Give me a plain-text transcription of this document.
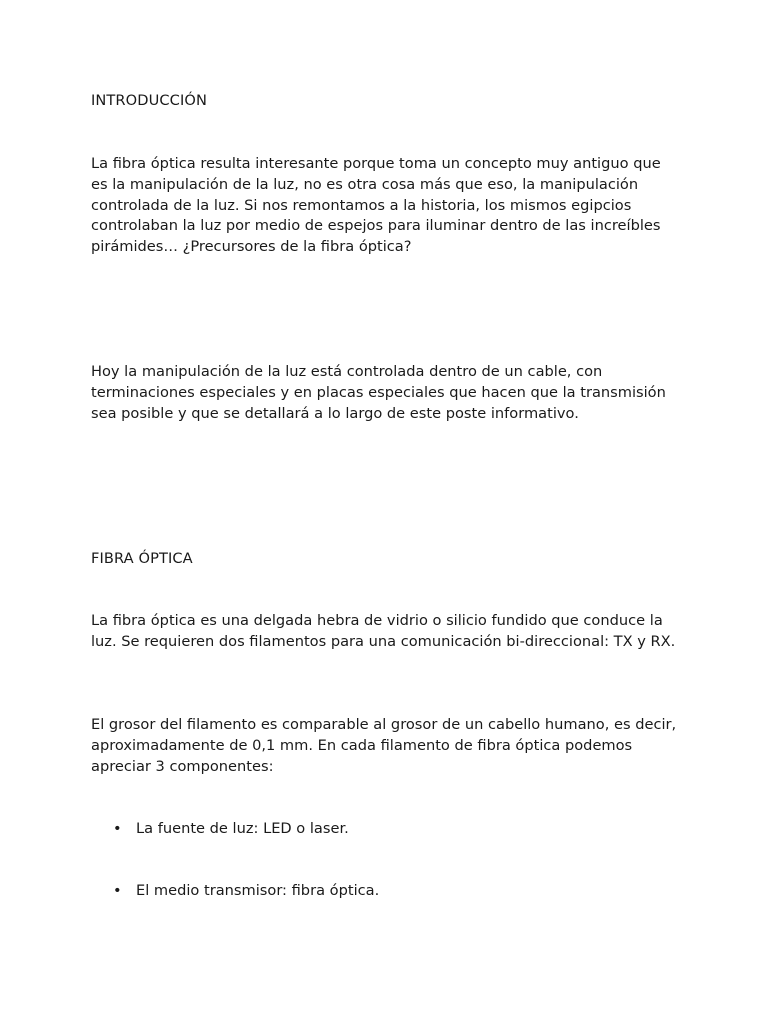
INTRODUCCIÓN

La fibra óptica resulta interesante porque toma un concepto muy antiguo que es la manipulación de la luz, no es otra cosa más que eso, la manipulación controlada de la luz. Si nos remontamos a la historia, los mismos egipcios controlaban la luz por medio de espejos para iluminar dentro de las increíbles pirámides… ¿Precursores de la fibra óptica?

Hoy la manipulación de la luz está controlada dentro de un cable, con terminaciones especiales y en placas especiales que hacen que la transmisión sea posible y que se detallará a lo largo de este poste informativo.

FIBRA ÓPTICA

La fibra óptica es una delgada hebra de vidrio o silicio fundido que conduce la luz. Se requieren dos filamentos para una comunicación bi-direccional: TX y RX.

El grosor del filamento es comparable al grosor de un cabello humano, es decir, aproximadamente de 0,1 mm. En cada filamento de fibra óptica podemos apreciar 3 componentes:

• La fuente de luz: LED o laser.
• El medio transmisor: fibra óptica.
